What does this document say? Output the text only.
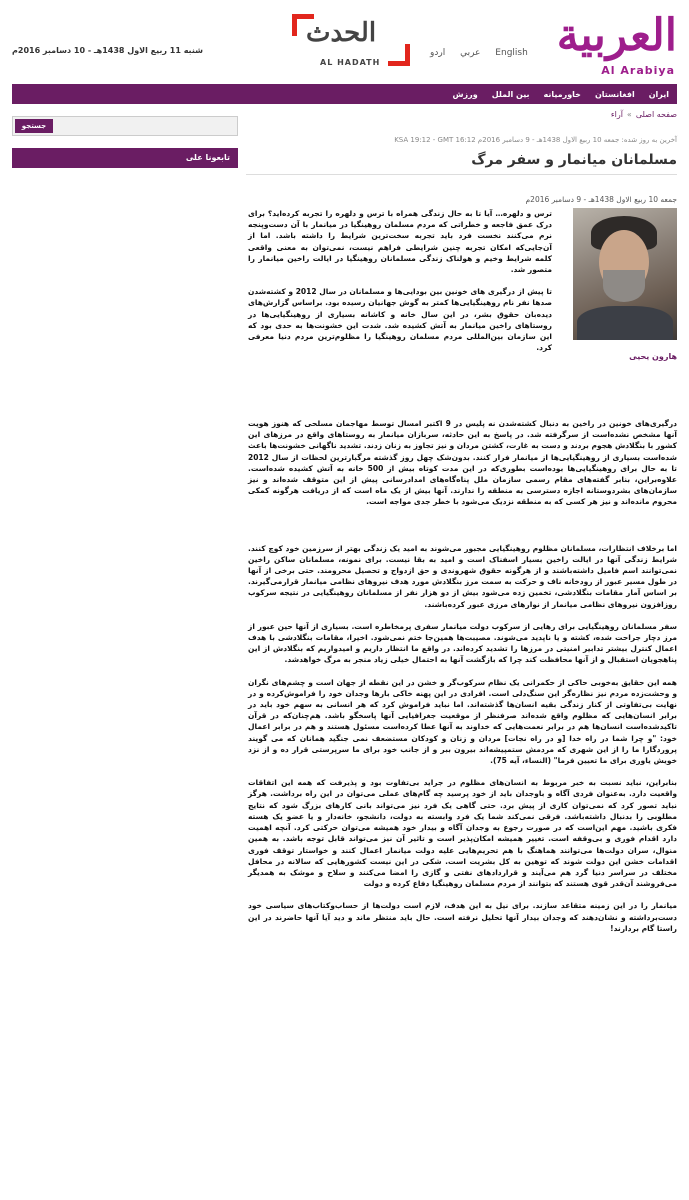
العربية
Al Arabiya
عربي اردو	English
الحدث
AL HADATH
شنبه 11 ربیع الاول 1438هـ - 10 دسامبر 2016م
ایران
افغانستان
خاورمیانه
بین الملل
ورزش
صفحه اصلی»آراء
جستجو
تابعونا على
آخرین به روز شده: جمعه 10 ربیع الاول 1438هـ - 9 دسامبر 2016م KSA 19:12 - GMT 16:12
مسلمانان میانمار و سفر مرگ
جمعه 10 ربیع الاول 1438هـ - 9 دسامبر 2016م
هارون یحیی

ترس و دلهره… آیا تا به حال زندگی همراه با ترس و دلهره را تجربه کرده‌اید؟ برای درک عمق فاجعه و خطراتی که مردم مسلمان روهینگیا در میانمار با آن دست‌و‌پنجه نرم می‌کنند نخست فرد باید تجربه سخت‌ترین شرایط را داشته باشد. اما از آن‌جایی‌که امکان تجربه چنین شرایطی فراهم نیست، نمی‌توان به معنی واقعی کلمه شرایط وخیم و هولناک زندگی مسلمانان روهینگیا در ایالت راخین میانمار را متصور شد.

تا پیش از درگیری های خونین بین بودایی‌ها و مسلمانان در سال 2012 و کشته‌شدن صدها نفر نام روهینگیایی‌ها کمتر به گوش جهانیان رسیده بود. بر‌اساس گزارش‌های دیده‌بان حقوق بشر، در این سال خانه و کاشانه بسیاری از روهینگیایی‌ها در روستاهای راخین میانمار به آتش کشیده شد. شدت این خشونت‌ها به حدی بود که این سازمان بین‌المللی مردم مسلمان روهینگیا را مظلوم‌ترین مردم دنیا معرفی کرد.

درگیری‌های خونین در راخین به دنبال کشته‌شدن نه پلیس در 9 اکتبر امسال توسط مهاجمان مسلحی که هنوز هویت آنها مشخص نشده‌است از سر‌گرفته شد. در پاسخ به این حادثه، سربازان میانمار به روستاهای واقع در مرزهای این کشور با بنگلادش هجوم بردند و دست به غارت، کشتن مردان و نیز تجاوز به زنان زدند. تشدید ناگهانی خشونت‌ها باعث شده‌است بسیاری از روهینگیایی‌ها از میانمار فرار کنند. بدون‌شک چهل روز گذشته مرگبارترین لحظات از سال 2012 تا به حال برای روهینگیایی‌ها بوده‌است بطوری‌که در این مدت کوتاه بیش از 500 خانه به آتش کشیده شده‌است. علاوه‌بر‌این، بنا‌بر گفته‌های مقام رسمی سازمان ملل پناه‌گاه‌های امدادرسانی پیش از این متوقف شده‌اند و نیز سازمان‌های بشردوستانه اجازه دسترسی به منطقه را ندارند. آنها بیش از یک ماه است که از دریافت هرگونه کمکی محروم مانده‌اند و نیز هر کسی که به منطقه نزدیک می‌شود با خطر جدی مواجه است.

اما برخلاف انتظارات، مسلمانان مظلوم روهینگیایی مجبور می‌شوند به امید یک زندگی بهتر از سرزمین خود کوچ کنند. شرایط زندگی آنها در ایالت راخین بسیار اسفناک است و امید به بقا نیست. برای نمونه، مسلمانان ساکن راخین نمی‌توانند اسم فامیل داشته‌باشند و از هرگونه حقوق شهروندی و حق ازدواج و تحصیل محرومند. حتی برخی از آنها در طول مسیر عبور از رودخانه ناف و حرکت به سمت مرز بنگلادش مورد هدف نیروهای نظامی میانمار قرار‌می‌گیرند. بر اساس آمار مقامات بنگلادشی، تخمین زده می‌شود بیش از دو هزار نفر از مسلمانان روهینگیایی در نتیجه سرکوب روزافزون نیروهای نظامی میانمار از نوارهای مرزی عبور کرده‌باشند.

سفر مسلمانان روهینگیایی برای رهایی از سرکوب دولت میانمار سفری پرمخاطره است. بسیاری از آنها حین عبور از مرز دچار جراحت شده، کشته و یا ناپدید می‌شوند. مصیبت‌ها همین‌جا ختم نمی‌شود. اخیرا، مقامات بنگلادشی با هدف اعمال کنترل بیشتر تدابیر امنیتی در مرزها را تشدید کرده‌اند. در واقع ما انتظار داریم و امیدواریم که بنگلادش از این پناهجویان استقبال و از آنها محافظت کند چرا که بازگشت آنها به احتمال خیلی زیاد منجر به مرگ خواهد‌شد.

همه این حقایق به‌خوبی حاکی از حکمرانی یک نظام سرکوب‌گر و خشن در این نقطه از جهان است و چشم‌های نگران و وحشت‌زده مردم نیز نظاره‌گر این سنگ‌دلی است. افرادی در این پهنه خاکی بارها وجدان خود را فراموش‌کرده و در نهایت بی‌تفاوتی از کنار زندگی بقیه انسان‌ها گذشته‌اند. اما نباید فراموش کرد که هر انسانی به سهم خود باید در برابر انسان‌هایی که مظلوم واقع شده‌اند صرفنظر از موقعیت جغرافیایی آنها پاسخگو باشد. هم‌چنان‌که در قرآن تاکید‌شده‌است انسان‌ها هم در برابر نعمت‌هایی که خداوند به آنها عطا کرده‌است مسئول هستند و هم در برابر اعمال خود: "و چرا شما در راه خدا [و در راه نجات] مردان و زنان و کودکان مستضعف نمی جنگید همانان که می گویند پروردگارا ما را از این شهری که مردمش ستمپیشه‌اند بیرون ببر و از جانب خود برای ما سرپرستی قرار ده و از نزد خویش یاوری برای ما تعیین فرما" (النساء، آیه 75).

بنا‌بر‌این، نباید نسبت به خبر مربوط به انسان‌های مظلوم در جراید بی‌تفاوت بود و پذیرفت که همه این اتفاقات واقعیت دارد. به‌عنوان فردی آگاه و باوجدان باید از خود پرسید چه گام‌های عملی می‌توان در این راه برداشت. هرگز نباید تصور کرد که نمی‌توان کاری از پیش برد. حتی گاهی یک فرد نیز می‌تواند بانی کارهای بزرگ شود که نتایج مطلوبی را بدنبال داشته‌باشد. فرقی نمی‌کند شما یک فرد وابسته به دولت، دانشجو، خانه‌دار و یا عضو یک هسته فکری باشید. مهم این‌است که در صورت رجوع به وجدان آگاه و بیدار خود همیشه می‌توان حرکتی کرد. آنچه اهمیت دارد اقدام فوری و بی‌وقفه است. تغییر همیشه امکان‌پذیر است و تاثیر آن نیز می‌تواند قابل توجه باشد. به همین منوال، سران دولت‌ها می‌توانند هماهنگ با هم تحریم‌هایی علیه دولت میانمار اعمال کنند و خواستار توقف فوری اقدامات خشن این دولت شوند که توهین به کل بشریت است. شکی در این نیست کشورهایی که سالانه در محافل مختلف در سراسر دنیا گرد هم می‌آیند و قراردادهای نفتی و گازی را امضا می‌کنند و سلاح و موشک به همدیگر می‌فروشند آن‌قدر قوی هستند که بتوانند از مردم مسلمان روهینگیا دفاع کرده و دولت

میانمار را در این زمینه متقاعد سازند. برای نیل به این هدف، لازم است دولت‌ها از حساب‌و‌کتاب‌های سیاسی خود دست‌برداشته و نشان‌دهند که وجدان بیدار آنها تحلیل نرفته است. حال باید منتظر ماند و دید آیا آنها حاضرند در این راستا گام بردارند!
